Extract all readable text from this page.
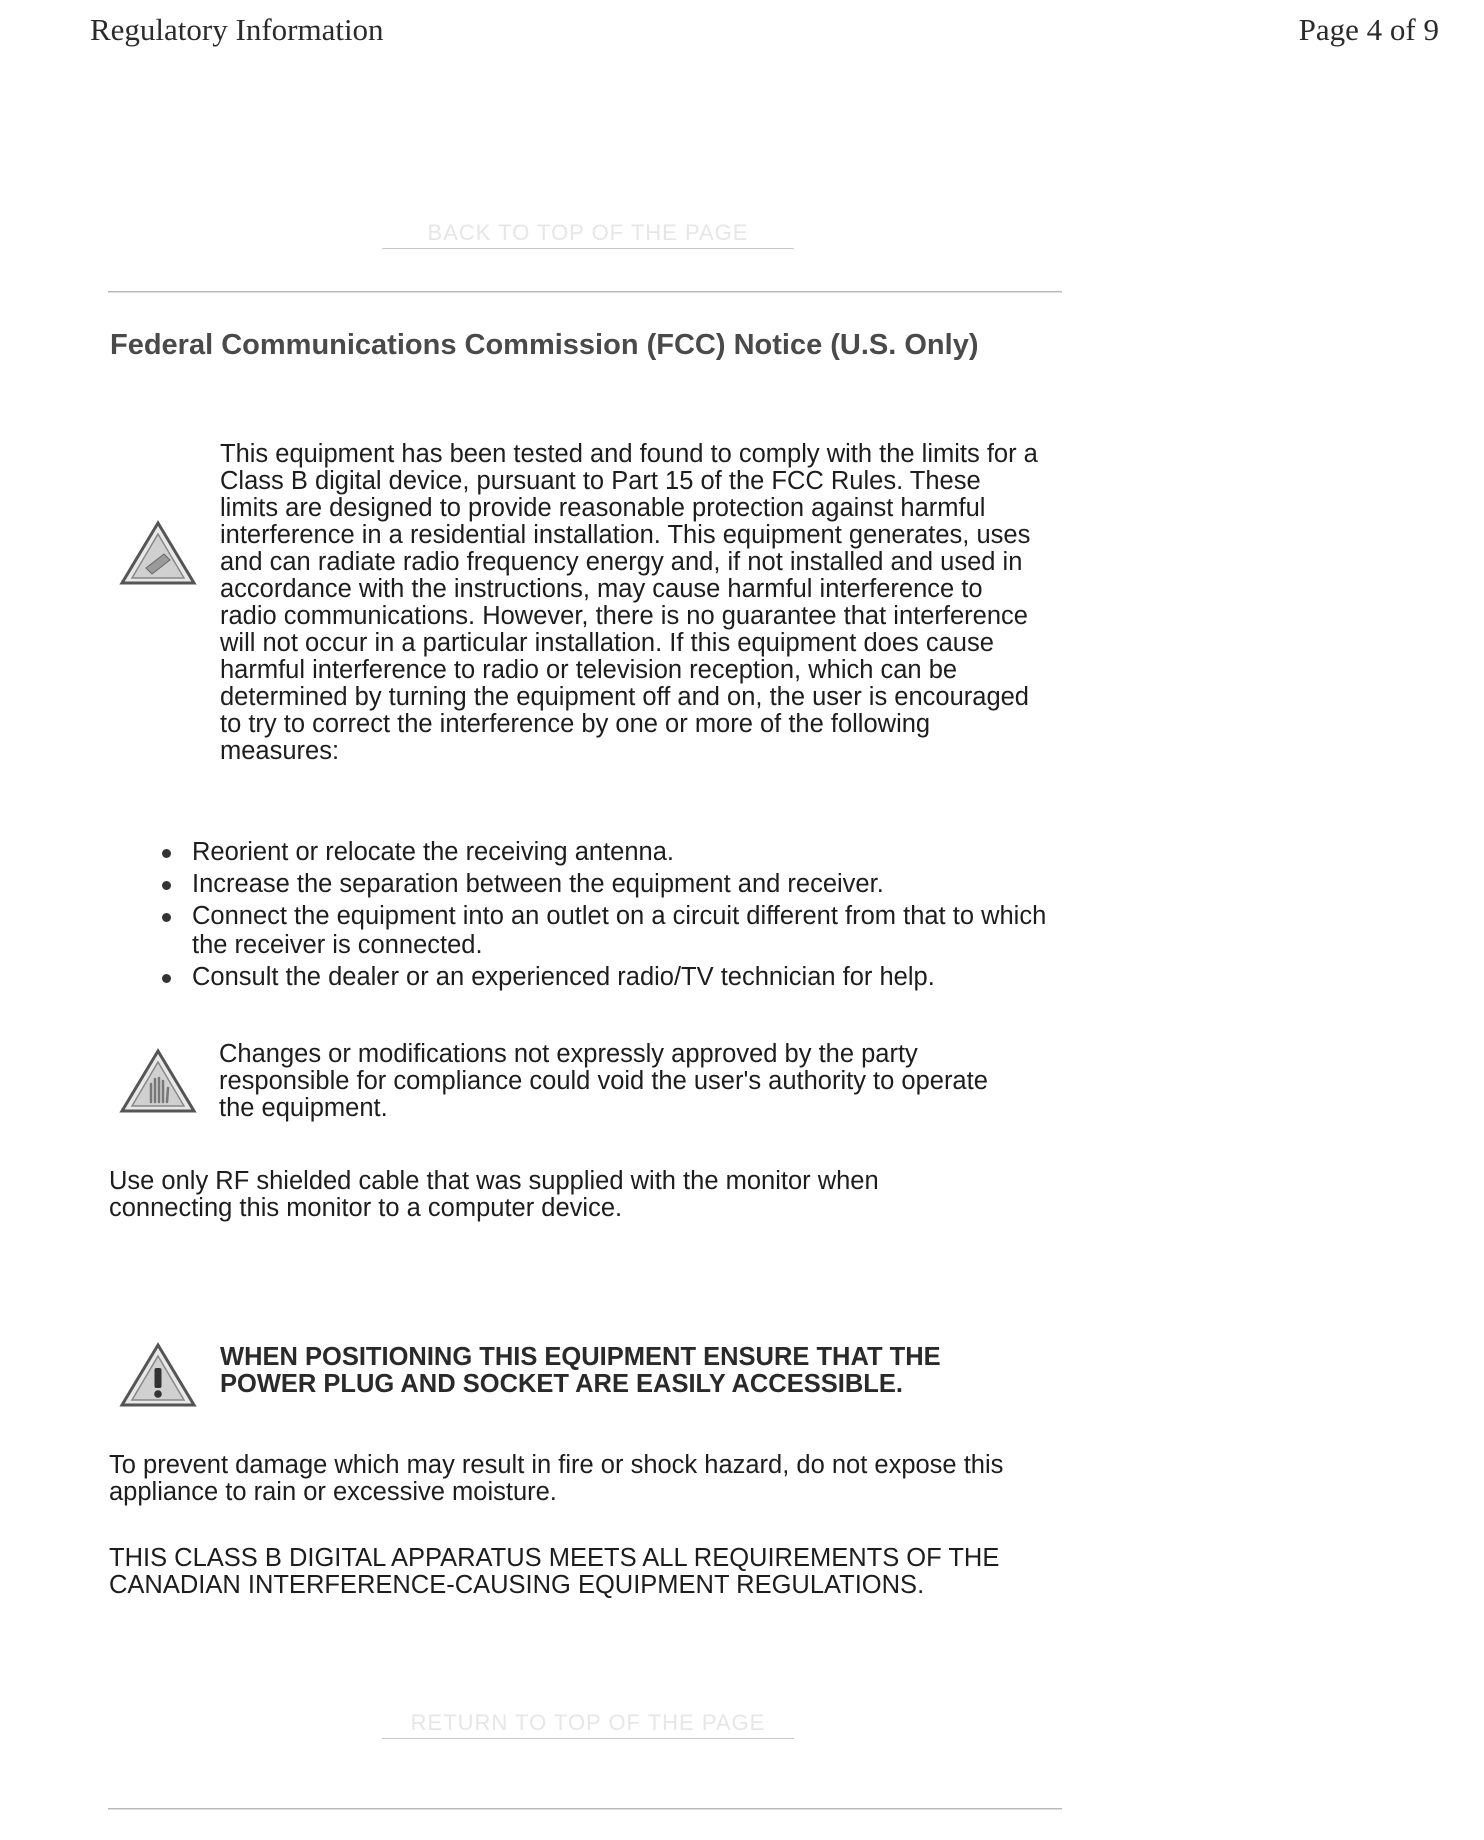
Regulatory Information	Page 4 of 9
BACK TO TOP OF THE PAGE
Federal Communications Commission (FCC) Notice (U.S. Only)
This equipment has been tested and found to comply with the limits for a Class B digital device, pursuant to Part 15 of the FCC Rules. These limits are designed to provide reasonable protection against harmful interference in a residential installation. This equipment generates, uses and can radiate radio frequency energy and, if not installed and used in accordance with the instructions, may cause harmful interference to radio communications. However, there is no guarantee that interference will not occur in a particular installation. If this equipment does cause harmful interference to radio or television reception, which can be determined by turning the equipment off and on, the user is encouraged to try to correct the interference by one or more of the following measures:
Reorient or relocate the receiving antenna.
Increase the separation between the equipment and receiver.
Connect the equipment into an outlet on a circuit different from that to which the receiver is connected.
Consult the dealer or an experienced radio/TV technician for help.
Changes or modifications not expressly approved by the party responsible for compliance could void the user's authority to operate the equipment.
Use only RF shielded cable that was supplied with the monitor when connecting this monitor to a computer device.
WHEN POSITIONING THIS EQUIPMENT ENSURE THAT THE POWER PLUG AND SOCKET ARE EASILY ACCESSIBLE.
To prevent damage which may result in fire or shock hazard, do not expose this appliance to rain or excessive moisture.
THIS CLASS B DIGITAL APPARATUS MEETS ALL REQUIREMENTS OF THE CANADIAN INTERFERENCE-CAUSING EQUIPMENT REGULATIONS.
RETURN TO TOP OF THE PAGE
